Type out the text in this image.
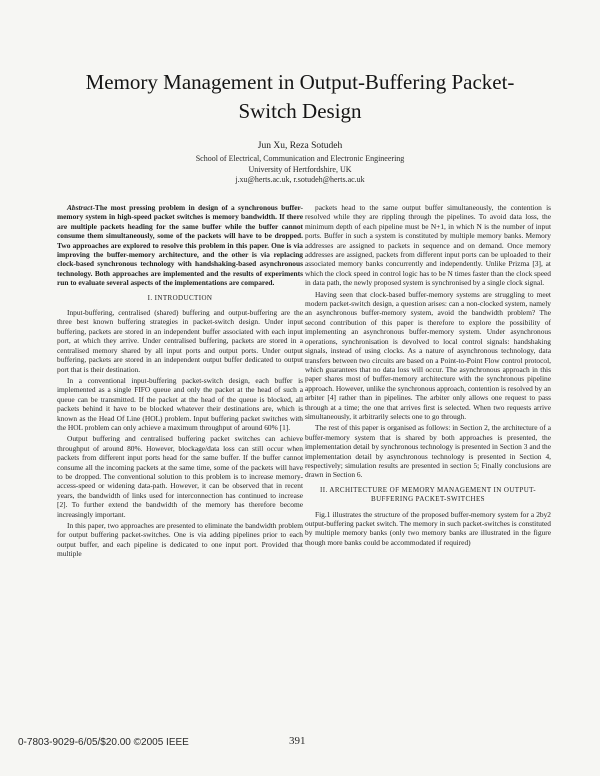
Memory Management in Output-Buffering Packet-Switch Design
Jun Xu, Reza Sotudeh
School of Electrical, Communication and Electronic Engineering
University of Hertfordshire, UK
j.xu@herts.ac.uk, r.sotudeh@herts.ac.uk

Abstract-The most pressing problem in design of a synchronous buffer-memory system in high-speed packet switches is memory bandwidth. If there are multiple packets heading for the same buffer while the buffer cannot consume them simultaneously, some of the packets will have to be dropped. Two approaches are explored to resolve this problem in this paper. One is via improving the buffer-memory architecture, and the other is via replacing clock-based synchronous technology with handshaking-based asynchronous technology. Both approaches are implemented and the results of experiments run to evaluate several aspects of the implementations are compared.

I. INTRODUCTION

Input-buffering, centralised (shared) buffering and output-buffering are the three best known buffering strategies in packet-switch design. Under input buffering, packets are stored in an independent buffer associated with each input port, at which they arrive. Under centralised buffering, packets are stored in a centralised memory shared by all input ports and output ports. Under output buffering, packets are stored in an independent output buffer dedicated to output port that is their destination.

In a conventional input-buffering packet-switch design, each buffer is implemented as a single FIFO queue and only the packet at the head of such a queue can be transmitted. If the packet at the head of the queue is blocked, all packets behind it have to be blocked whatever their destinations are, which is known as the Head Of Line (HOL) problem. Input buffering packet switches with the HOL problem can only achieve a maximum throughput of around 60% [1].

Output buffering and centralised buffering packet switches can achieve throughput of around 80%. However, blockage/data loss can still occur when packets from different input ports head for the same buffer. If the buffer cannot consume all the incoming packets at the same time, some of the packets will have to be dropped. The conventional solution to this problem is to increase memory-access-speed or widening data-path. However, it can be observed that in recent years, the bandwidth of links used for interconnection has continued to increase [2]. To further extend the bandwidth of the memory has therefore become increasingly important.

In this paper, two approaches are presented to eliminate the bandwidth problem for output buffering packet-switches. One is via adding pipelines prior to each output buffer, and each pipeline is dedicated to one input port. Provided that multiple

packets head to the same output buffer simultaneously, the contention is resolved while they are rippling through the pipelines. To avoid data loss, the minimum depth of each pipeline must be N+1, in which N is the number of input ports. Buffer in such a system is constituted by multiple memory banks. Memory addresses are assigned to packets in sequence and on demand. Once memory addresses are assigned, packets from different input ports can be uploaded to their associated memory banks concurrently and independently. Unlike Prizma [3], at which the clock speed in control logic has to be N times faster than the clock speed in data path, the newly proposed system is synchronised by a single clock signal.

Having seen that clock-based buffer-memory systems are struggling to meet modern packet-switch design, a question arises: can a non-clocked system, namely an asynchronous buffer-memory system, avoid the bandwidth problem? The second contribution of this paper is therefore to explore the possibility of implementing an asynchronous buffer-memory system. Under asynchronous operations, synchronisation is devolved to local control signals: handshaking signals, instead of using clocks. As a nature of asynchronous technology, data transfers between two circuits are based on a Point-to-Point Flow control protocol, which guarantees that no data loss will occur. The asynchronous approach in this paper shares most of buffer-memory architecture with the synchronous pipeline approach. However, unlike the synchronous approach, contention is resolved by an arbiter [4] rather than in pipelines. The arbiter only allows one request to pass through at a time; the one that arrives first is selected. When two requests arrive simultaneously, it arbitrarily selects one to go through.

The rest of this paper is organised as follows: in Section 2, the architecture of a buffer-memory system that is shared by both approaches is presented, the implementation detail by synchronous technology is presented in Section 3 and the implementation detail by asynchronous technology is presented in Section 4, respectively; simulation results are presented in section 5; Finally conclusions are drawn in Section 6.

II. ARCHITECTURE OF MEMORY MANAGEMENT IN OUTPUT-BUFFERING PACKET-SWITCHES

Fig.1 illustrates the structure of the proposed buffer-memory system for a 2by2 output-buffering packet switch. The memory in such packet-switches is constituted by multiple memory banks (only two memory banks are illustrated in the figure though more banks could be accommodated if required)

0-7803-9029-6/05/$20.00 ©2005 IEEE	391
